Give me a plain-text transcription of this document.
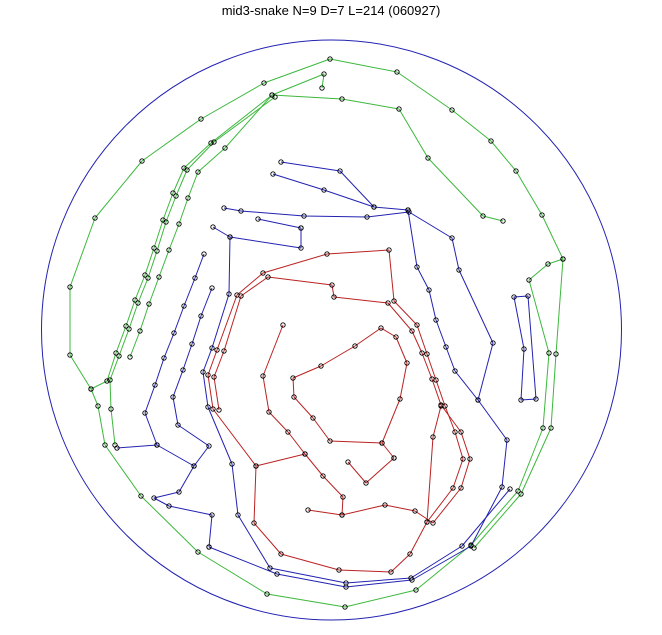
mid3-snake N=9 D=7 L=214 (060927)
